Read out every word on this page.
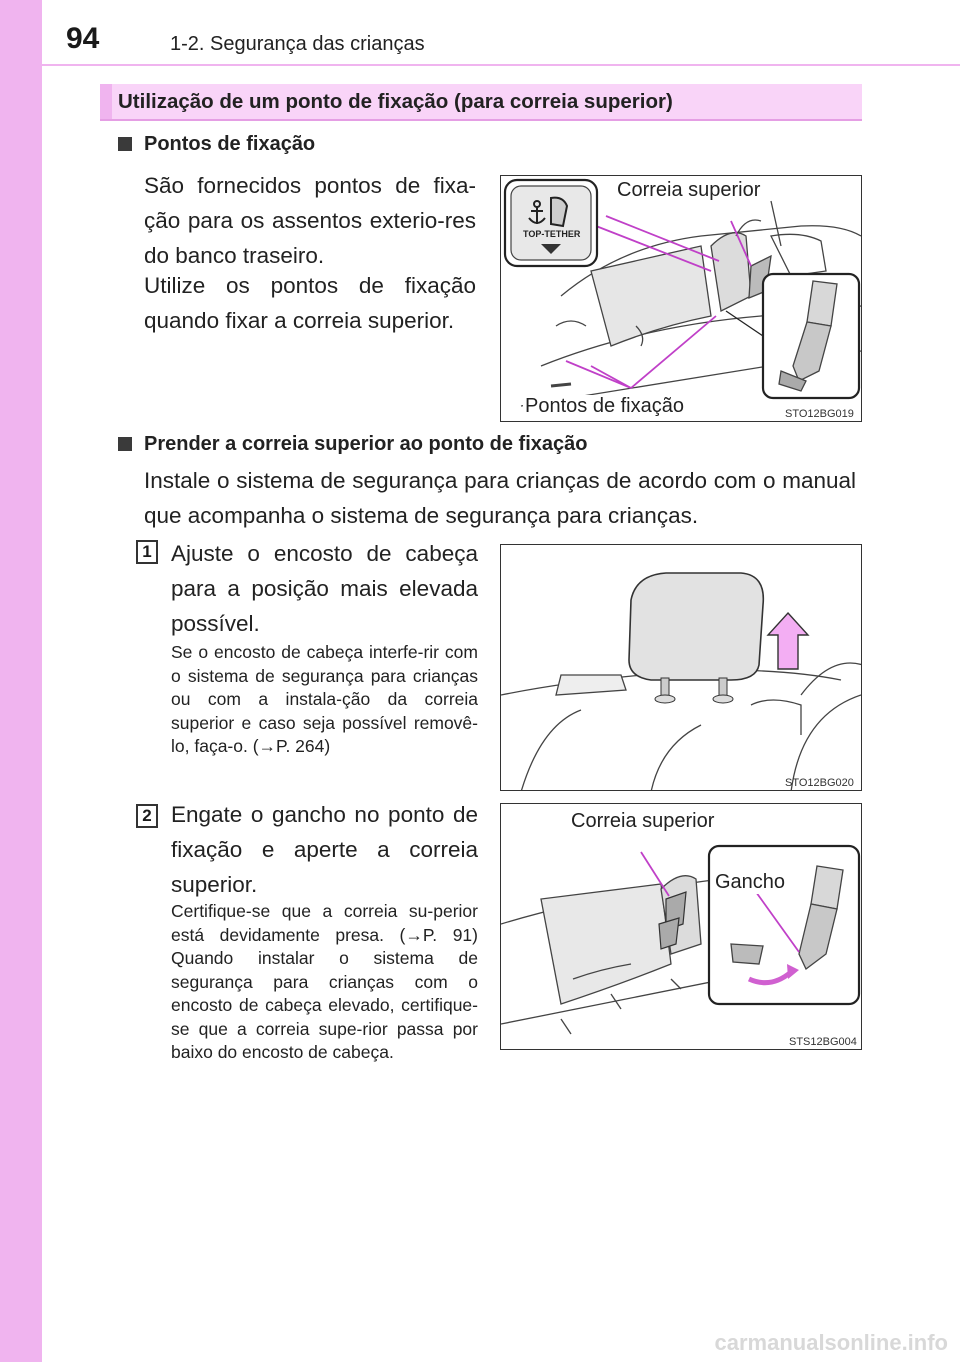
94	1-2. Segurança das crianças
Utilização de um ponto de fixação (para correia superior)
Pontos de fixação
São fornecidos pontos de fixa-ção para os assentos exterio-res do banco traseiro.
Utilize os pontos de fixação quando fixar a correia superior.
TOP-TETHER
Correia superior
Pontos de fixação	STO12BG019
Prender a correia superior ao ponto de fixação
Instale o sistema de segurança para crianças de acordo com o manual que acompanha o sistema de segurança para crianças.
1 Ajuste o encosto de cabeça para a posição mais elevada possível.
Se o encosto de cabeça interfe-rir com o sistema de segurança para crianças ou com a instala-ção da correia superior e caso seja possível removê-lo, faça-o. (→P. 264)
STO12BG020
2 Engate o gancho no ponto de fixação e aperte a correia superior.
Certifique-se que a correia su-perior está devidamente presa. (→P. 91) Quando instalar o sistema de segurança para crianças com o encosto de cabeça elevado, certifique-se que a correia supe-rior passa por baixo do encosto de cabeça.
Correia superior
Gancho
STS12BG004
carmanualsonline.info
